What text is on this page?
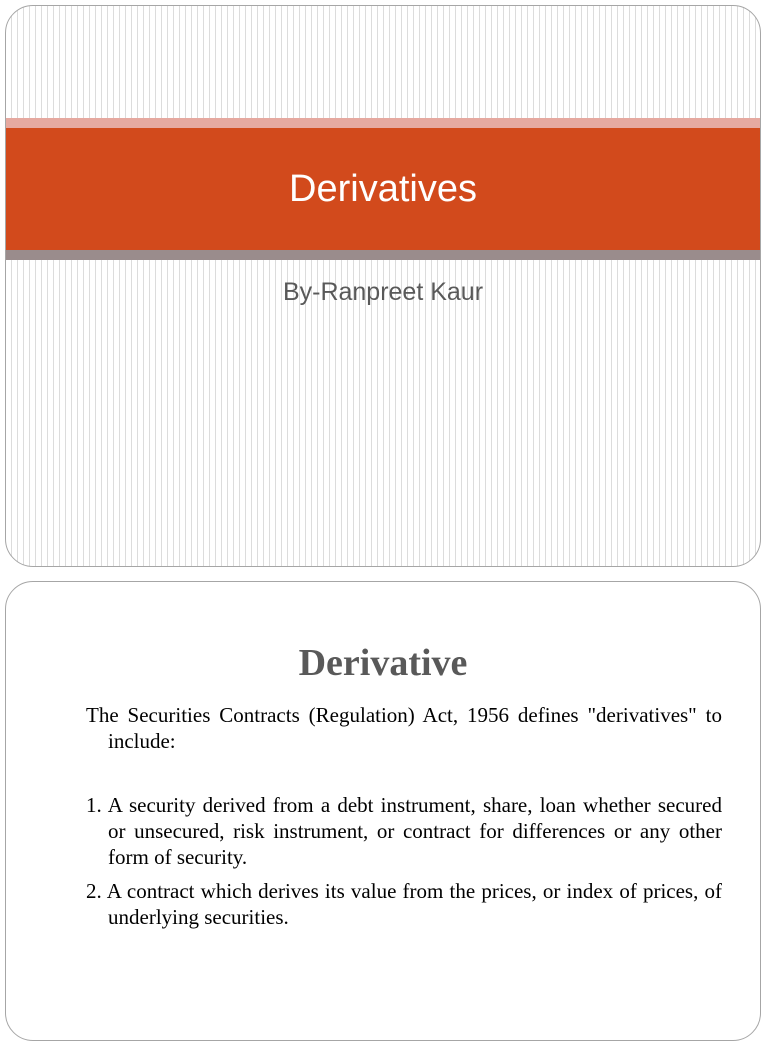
Derivatives
By-Ranpreet Kaur
Derivative

The Securities Contracts (Regulation) Act, 1956 defines "derivatives" to include:

1. A security derived from a debt instrument, share, loan whether secured or unsecured, risk instrument, or contract for differences or any other form of security.

2. A contract which derives its value from the prices, or index of prices, of underlying securities.
